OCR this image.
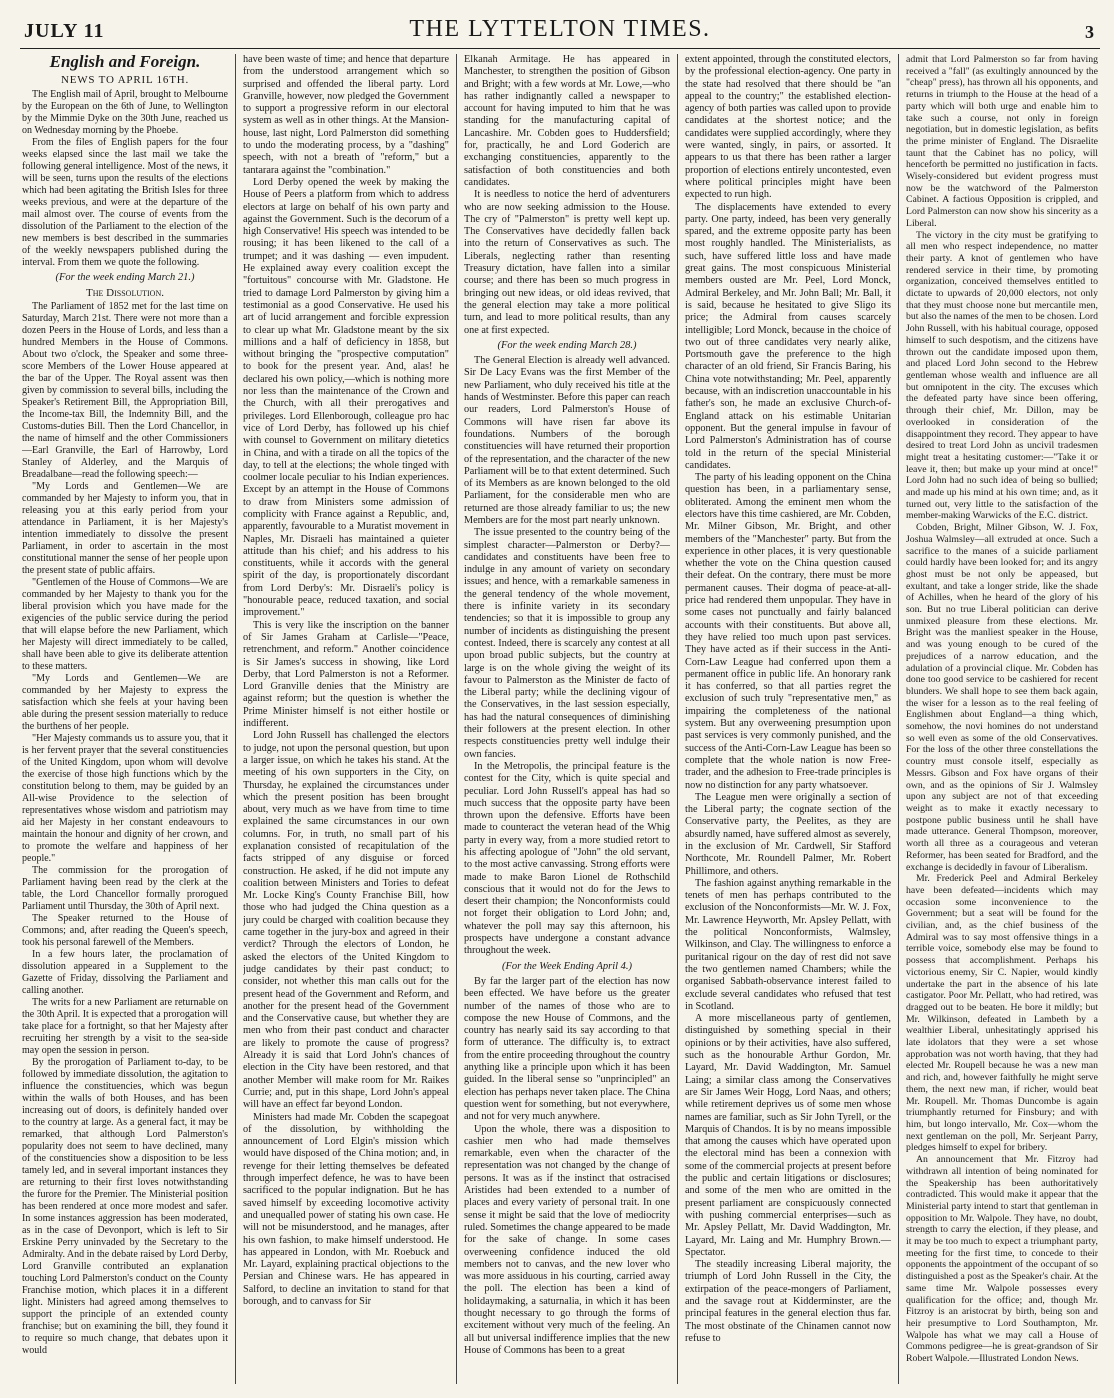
JULY 11	THE LYTTELTON TIMES.	3
English and Foreign.
NEWS TO APRIL 16TH.

The English mail of April, brought to Melbourne by the European on the 6th of June, to Wellington by the Mimmie Dyke on the 30th June, reached us on Wednesday morning by the Phoebe.

From the files of English papers for the four weeks elapsed since the last mail we take the following general intelligence. Most of the news, it will be seen, turns upon the results of the elections which had been agitating the British Isles for three weeks previous, and were at the departure of the mail almost over. The course of events from the dissolution of the Parliament to the election of the new members is best described in the summaries of the weekly newspapers published during the interval. From them we quote the following.

(For the week ending March 21.)
The Dissolution.

The Parliament of 1852 met for the last time on Saturday, March 21st. There were not more than a dozen Peers in the House of Lords, and less than a hundred Members in the House of Commons. About two o'clock, the Speaker and some three-score Members of the Lower House appeared at the bar of the Upper. The Royal assent was then given by commission to several bills, including the Speaker's Retirement Bill, the Appropriation Bill, the Income-tax Bill, the Indemnity Bill, and the Customs-duties Bill. Then the Lord Chancellor, in the name of himself and the other Commissioners—Earl Granville, the Earl of Harrowby, Lord Stanley of Alderley, and the Marquis of Breadalbane—read the following speech:—

"My Lords and Gentlemen—We are commanded by her Majesty to inform you, that in releasing you at this early period from your attendance in Parliament, it is her Majesty's intention immediately to dissolve the present Parliament, in order to ascertain in the most constitutional manner the sense of her people upon the present state of public affairs.

"Gentlemen of the House of Commons—We are commanded by her Majesty to thank you for the liberal provision which you have made for the exigencies of the public service during the period that will elapse before the new Parliament, which her Majesty will direct immediately to be called, shall have been able to give its deliberate attention to these matters.

"My Lords and Gentlemen—We are commanded by her Majesty to express the satisfaction which she feels at your having been able during the present session materially to reduce the burthens of her people.

"Her Majesty commands us to assure you, that it is her fervent prayer that the several constituencies of the United Kingdom, upon whom will devolve the exercise of those high functions which by the constitution belong to them, may be guided by an All-wise Providence to the selection of representatives whose wisdom and patriotism may aid her Majesty in her constant endeavours to maintain the honour and dignity of her crown, and to promote the welfare and happiness of her people."

The commission for the prorogation of Parliament having been read by the clerk at the table, the Lord Chancellor formally prorogued Parliament until Thursday, the 30th of April next.

The Speaker returned to the House of Commons; and, after reading the Queen's speech, took his personal farewell of the Members.

In a few hours later, the proclamation of dissolution appeared in a Supplement to the Gazette of Friday, dissolving the Parliament and calling another.

The writs for a new Parliament are returnable on the 30th April. It is expected that a prorogation will take place for a fortnight, so that her Majesty after recruiting her strength by a visit to the sea-side may open the session in person.

By the prorogation of Parliament to-day, to be followed by immediate dissolution, the agitation to influence the constituencies, which was begun within the walls of both Houses, and has been increasing out of doors, is definitely handed over to the country at large. As a general fact, it may be remarked, that although Lord Palmerston's popularity does not seem to have declined, many of the constituencies show a disposition to be less tamely led, and in several important instances they are returning to their first loves notwithstanding the furore for the Premier. The Ministerial position has been rendered at once more modest and safer. In some instances aggression has been moderated, as in the case of Devonport, which is left to Sir Erskine Perry uninvaded by the Secretary to the Admiralty. And in the debate raised by Lord Derby, Lord Granville contributed an explanation touching Lord Palmerston's conduct on the County Franchise motion, which places it in a different light. Ministers had agreed among themselves to support the principle of an extended county franchise; but on examining the bill, they found it to require so much change, that debates upon it would

have been waste of time; and hence that departure from the understood arrangement which so surprised and offended the liberal party. Lord Granville, however, now pledged the Government to support a progressive reform in our electoral system as well as in other things. At the Mansion-house, last night, Lord Palmerston did something to undo the moderating process, by a "dashing" speech, with not a breath of "reform," but a tantarara against the "combination."

Lord Derby opened the week by making the House of Peers a platform from which to address electors at large on behalf of his own party and against the Government. Such is the decorum of a high Conservative! His speech was intended to be rousing; it has been likened to the call of a trumpet; and it was dashing — even impudent. He explained away every coalition except the "fortuitous" concourse with Mr. Gladstone. He tried to damage Lord Palmerston by giving him a testimonial as a good Conservative. He used his art of lucid arrangement and forcible expression to clear up what Mr. Gladstone meant by the six millions and a half of deficiency in 1858, but without bringing the "prospective computation" to book for the present year. And, alas! he declared his own policy,—which is nothing more nor less than the maintenance of the Crown and the Church, with all their prerogatives and privileges. Lord Ellenborough, colleague pro hac vice of Lord Derby, has followed up his chief with counsel to Government on military dietetics in China, and with a tirade on all the topics of the day, to tell at the elections; the whole tinged with coolmer locale peculiar to his Indian experiences. Except by an attempt in the House of Commons to draw from Ministers some admission of complicity with France against a Republic, and, apparently, favourable to a Muratist movement in Naples, Mr. Disraeli has maintained a quieter attitude than his chief; and his address to his constituents, while it accords with the general spirit of the day, is proportionately discordant from Lord Derby's: Mr. Disraeli's policy is "honourable peace, reduced taxation, and social improvement."

This is very like the inscription on the banner of Sir James Graham at Carlisle—"Peace, retrenchment, and reform." Another coincidence is Sir James's success in showing, like Lord Derby, that Lord Palmerston is not a Reformer. Lord Granville denies that the Ministry are against reform; but the question is whether the Prime Minister himself is not either hostile or indifferent.

Lord John Russell has challenged the electors to judge, not upon the personal question, but upon a larger issue, on which he takes his stand. At the meeting of his own supporters in the City, on Thursday, he explained the circumstances under which the present position has been brought about, very much as we have from time to time explained the same circumstances in our own columns. For, in truth, no small part of his explanation consisted of recapitulation of the facts stripped of any disguise or forced construction. He asked, if he did not impute any coalition between Ministers and Tories to defeat Mr. Locke King's County Franchise Bill, how those who had judged the China question as a jury could be charged with coalition because they came together in the jury-box and agreed in their verdict? Through the electors of London, he asked the electors of the United Kingdom to judge candidates by their past conduct; to consider, not whether this man calls out for the present head of the Government and Reform, and another for the present head of the Government and the Conservative cause, but whether they are men who from their past conduct and character are likely to promote the cause of progress? Already it is said that Lord John's chances of election in the City have been restored, and that another Member will make room for Mr. Raikes Currie; and, put in this shape, Lord John's appeal will have an effect far beyond London.

Ministers had made Mr. Cobden the scapegoat of the dissolution, by withholding the announcement of Lord Elgin's mission which would have disposed of the China motion; and, in revenge for their letting themselves be defeated through imperfect defence, he was to have been sacrificed to the popular indignation. But he has saved himself by exceeding locomotive activity and unequalled power of stating his own case. He will not be misunderstood, and he manages, after his own fashion, to make himself understood. He has appeared in London, with Mr. Roebuck and Mr. Layard, explaining practical objections to the Persian and Chinese wars. He has appeared in Salford, to decline an invitation to stand for that borough, and to canvass for Sir

Elkanah Armitage. He has appeared in Manchester, to strengthen the position of Gibson and Bright; with a few words at Mr. Lowe,—who has rather indignantly called a newspaper to account for having imputed to him that he was standing for the manufacturing capital of Lancashire. Mr. Cobden goes to Huddersfield; for, practically, he and Lord Goderich are exchanging constituencies, apparently to the satisfaction of both constituencies and both candidates.

It is needless to notice the herd of adventurers who are now seeking admission to the House. The cry of "Palmerston" is pretty well kept up. The Conservatives have decidedly fallen back into the return of Conservatives as such. The Liberals, neglecting rather than resenting Treasury dictation, have fallen into a similar course; and there has been so much progress in bringing out new ideas, or old ideas revived, that the general election may take a more political turn, and lead to more political results, than any one at first expected.

(For the week ending March 28.)

The General Election is already well advanced. Sir De Lacy Evans was the first Member of the new Parliament, who duly received his title at the hands of Westminster. Before this paper can reach our readers, Lord Palmerston's House of Commons will have risen far above its foundations. Numbers of the borough constituencies will have returned their proportion of the representation, and the character of the new Parliament will be to that extent determined. Such of its Members as are known belonged to the old Parliament, for the considerable men who are returned are those already familiar to us; the new Members are for the most part nearly unknown.

The issue presented to the country being of the simplest character—Palmerston or Derby?—candidates and constituents have been free to indulge in any amount of variety on secondary issues; and hence, with a remarkable sameness in the general tendency of the whole movement, there is infinite variety in its secondary tendencies; so that it is impossible to group any number of incidents as distinguishing the present contest. Indeed, there is scarcely any contest at all upon broad public subjects, but the country at large is on the whole giving the weight of its favour to Palmerston as the Minister de facto of the Liberal party; while the declining vigour of the Conservatives, in the last session especially, has had the natural consequences of diminishing their followers at the present election. In other respects constituencies pretty well indulge their own fancies.

In the Metropolis, the principal feature is the contest for the City, which is quite special and peculiar. Lord John Russell's appeal has had so much success that the opposite party have been thrown upon the defensive. Efforts have been made to counteract the veteran head of the Whig party in every way, from a more studied retort to his affecting apologue of "John" the old servant, to the most active canvassing. Strong efforts were made to make Baron Lionel de Rothschild conscious that it would not do for the Jews to desert their champion; the Nonconformists could not forget their obligation to Lord John; and, whatever the poll may say this afternoon, his prospects have undergone a constant advance throughout the week.

(For the Week Ending April 4.)

By far the larger part of the election has now been effected. We have before us the greater number of the names of those who are to compose the new House of Commons, and the country has nearly said its say according to that form of utterance. The difficulty is, to extract from the entire proceeding throughout the country anything like a principle upon which it has been guided. In the liberal sense so "unprincipled" an election has perhaps never taken place. The China question went for something, but not everywhere, and not for very much anywhere.

Upon the whole, there was a disposition to cashier men who had made themselves remarkable, even when the character of the representation was not changed by the change of persons. It was as if the instinct that ostracised Aristides had been extended to a number of places and every variety of personal trait. In one sense it might be said that the love of mediocrity ruled. Sometimes the change appeared to be made for the sake of change. In some cases overweening confidence induced the old members not to canvas, and the new lover who was more assiduous in his courting, carried away the poll. The election has been a kind of holidaymaking, a saturnalia, in which it has been thought necessary to go through the forms of excitement without very much of the feeling. An all but universal indifference implies that the new House of Commons has been to a great

extent appointed, through the constituted electors, by the professional election-agency. One party in the state had resolved that there should be "an appeal to the country;" the established election-agency of both parties was called upon to provide candidates at the shortest notice; and the candidates were supplied accordingly, where they were wanted, singly, in pairs, or assorted. It appears to us that there has been rather a larger proportion of elections entirely uncontested, even where political principles might have been expected to run high.

The displacements have extended to every party. One party, indeed, has been very generally spared, and the extreme opposite party has been most roughly handled. The Ministerialists, as such, have suffered little loss and have made great gains. The most conspicuous Ministerial members ousted are Mr. Peel, Lord Monck, Admiral Berkeley, and Mr. John Ball; Mr. Ball, it is said, because he hesitated to give Sligo its price; the Admiral from causes scarcely intelligible; Lord Monck, because in the choice of two out of three candidates very nearly alike, Portsmouth gave the preference to the high character of an old friend, Sir Francis Baring, his China vote notwithstanding; Mr. Peel, apparently because, with an indiscretion unaccountable in his father's son, he made an exclusive Church-of-England attack on his estimable Unitarian opponent. But the general impulse in favour of Lord Palmerston's Administration has of course told in the return of the special Ministerial candidates.

The party of his leading opponent on the China question has been, in a parliamentary sense, obliterated. Among the eminent men whom the electors have this time cashiered, are Mr. Cobden, Mr. Milner Gibson, Mr. Bright, and other members of the "Manchester" party. But from the experience in other places, it is very questionable whether the vote on the China question caused their defeat. On the contrary, there must be more permanent causes. Their dogma of peace-at-all-price had rendered them unpopular. They have in some cases not punctually and fairly balanced accounts with their constituents. But above all, they have relied too much upon past services. They have acted as if their success in the Anti-Corn-Law League had conferred upon them a permanent office in public life. An honorary rank it has conferred, so that all parties regret the exclusion of such truly "representative men," as impairing the completeness of the national system. But any overweening presumption upon past services is very commonly punished, and the success of the Anti-Corn-Law League has been so complete that the whole nation is now Free-trader, and the adhesion to Free-trade principles is now no distinction for any party whatsoever.

The League men were originally a section of the Liberal party; the cognate section of the Conservative party, the Peelites, as they are absurdly named, have suffered almost as severely, in the exclusion of Mr. Cardwell, Sir Stafford Northcote, Mr. Roundell Palmer, Mr. Robert Phillimore, and others.

The fashion against anything remarkable in the tenets of men has perhaps contributed to the exclusion of the Nonconformists—Mr. W. J. Fox, Mr. Lawrence Heyworth, Mr. Apsley Pellatt, with the political Nonconformists, Walmsley, Wilkinson, and Clay. The willingness to enforce a puritanical rigour on the day of rest did not save the two gentlemen named Chambers; while the organised Sabbath-observance interest failed to exclude several candidates who refused that test in Scotland.

A more miscellaneous party of gentlemen, distinguished by something special in their opinions or by their activities, have also suffered, such as the honourable Arthur Gordon, Mr. Layard, Mr. David Waddington, Mr. Samuel Laing; a similar class among the Conservatives are Sir James Weir Hogg, Lord Naas, and others; while retirement deprives us of some men whose names are familiar, such as Sir John Tyrell, or the Marquis of Chandos. It is by no means impossible that among the causes which have operated upon the electoral mind has been a connexion with some of the commercial projects at present before the public and certain litigations or disclosures; and some of the men who are omitted in the present parliament are conspicuously connected with pushing commercial enterprises—such as Mr. Apsley Pellatt, Mr. David Waddington, Mr. Layard, Mr. Laing and Mr. Humphry Brown.—Spectator.

The steadily increasing Liberal majority, the triumph of Lord John Russell in the City, the extirpation of the peace-mongers of Parliament, and the savage rout at Kidderminster, are the principal features in the general election thus far. The most obstinate of the Chinamen cannot now refuse to

admit that Lord Palmerston so far from having received a "fall" (as exultingly announced by the "cheap" press), has thrown all his opponents, and returns in triumph to the House at the head of a party which will both urge and enable him to take such a course, not only in foreign negotiation, but in domestic legislation, as befits the prime minister of England. The Disraelite taunt that the Cabinet has no policy, will henceforth be permitted no justification in facts. Wisely-considered but evident progress must now be the watchword of the Palmerston Cabinet. A factious Opposition is crippled, and Lord Palmerston can now show his sincerity as a Liberal.

The victory in the city must be gratifying to all men who respect independence, no matter their party. A knot of gentlemen who have rendered service in their time, by promoting organization, conceived themselves entitled to dictate to upwards of 20,000 electors, not only that they must choose none but mercantile men, but also the names of the men to be chosen. Lord John Russell, with his habitual courage, opposed himself to such despotism, and the citizens have thrown out the candidate imposed upon them, and placed Lord John second to the Hebrew gentleman whose wealth and influence are all but omnipotent in the city. The excuses which the defeated party have since been offering, through their chief, Mr. Dillon, may be overlooked in consideration of the disappointment they record. They appear to have desired to treat Lord John as uncivil tradesmen might treat a hesitating customer:—"Take it or leave it, then; but make up your mind at once!" Lord John had no such idea of being so bullied; and made up his mind at his own time; and, as it turned out, very little to the satisfaction of the member-making Warwicks of the E.C. district.

Cobden, Bright, Milner Gibson, W. J. Fox, Joshua Walmsley—all extruded at once. Such a sacrifice to the manes of a suicide parliament could hardly have been looked for; and its angry ghost must be not only be appeased, but exultant, and take a longer stride, like the shade of Achilles, when he heard of the glory of his son. But no true Liberal politician can derive unmixed pleasure from these elections. Mr. Bright was the manliest speaker in the House, and was young enough to be cured of the prejudices of a narrow education, and the adulation of a provincial clique. Mr. Cobden has done too good service to be cashiered for recent blunders. We shall hope to see them back again, the wiser for a lesson as to the real feeling of Englishmen about England—a thing which, somehow, the novi homines do not understand so well even as some of the old Conservatives. For the loss of the other three constellations the country must console itself, especially as Messrs. Gibson and Fox have organs of their own, and as the opinions of Sir J. Walmsley upon any subject are not of that exceeding weight as to make it exactly necessary to postpone public business until he shall have made utterance. General Thompson, moreover, worth all three as a courageous and veteran Reformer, has been seated for Bradford, and the exchange is decidedly in favour of Liberalism.

Mr. Frederick Peel and Admiral Berkeley have been defeated—incidents which may occasion some inconvenience to the Government; but a seat will be found for the civilian, and, as the chief business of the Admiral was to say most offensive things in a terrible voice, somebody else may be found to possess that accomplishment. Perhaps his victorious enemy, Sir C. Napier, would kindly undertake the part in the absence of his late castigator. Poor Mr. Pellatt, who had retired, was dragged out to be beaten. He bore it mildly; but Mr. Wilkinson, defeated in Lambeth by a wealthier Liberal, unhesitatingly apprised his late idolators that they were a set whose approbation was not worth having, that they had elected Mr. Roupell because he was a new man and rich, and, however faithfully he might serve them, the next new man, if richer, would beat Mr. Roupell. Mr. Thomas Duncombe is again triumphantly returned for Finsbury; and with him, but longo intervallo, Mr. Cox—whom the next gentleman on the poll, Mr. Serjeant Parry, pledges himself to expel for bribery.

An announcement that Mr. Fitzroy had withdrawn all intention of being nominated for the Speakership has been authoritatively contradicted. This would make it appear that the Ministerial party intend to start that gentleman in opposition to Mr. Walpole. They have, no doubt, strength to carry the election, if they please, and it may be too much to expect a triumphant party, meeting for the first time, to concede to their opponents the appointment of the occupant of so distinguished a post as the Speaker's chair. At the same time Mr. Walpole possesses every qualification for the office; and, though Mr. Fitzroy is an aristocrat by birth, being son and heir presumptive to Lord Southampton, Mr. Walpole has what we may call a House of Commons pedigree—he is great-grandson of Sir Robert Walpole.—Illustrated London News.
